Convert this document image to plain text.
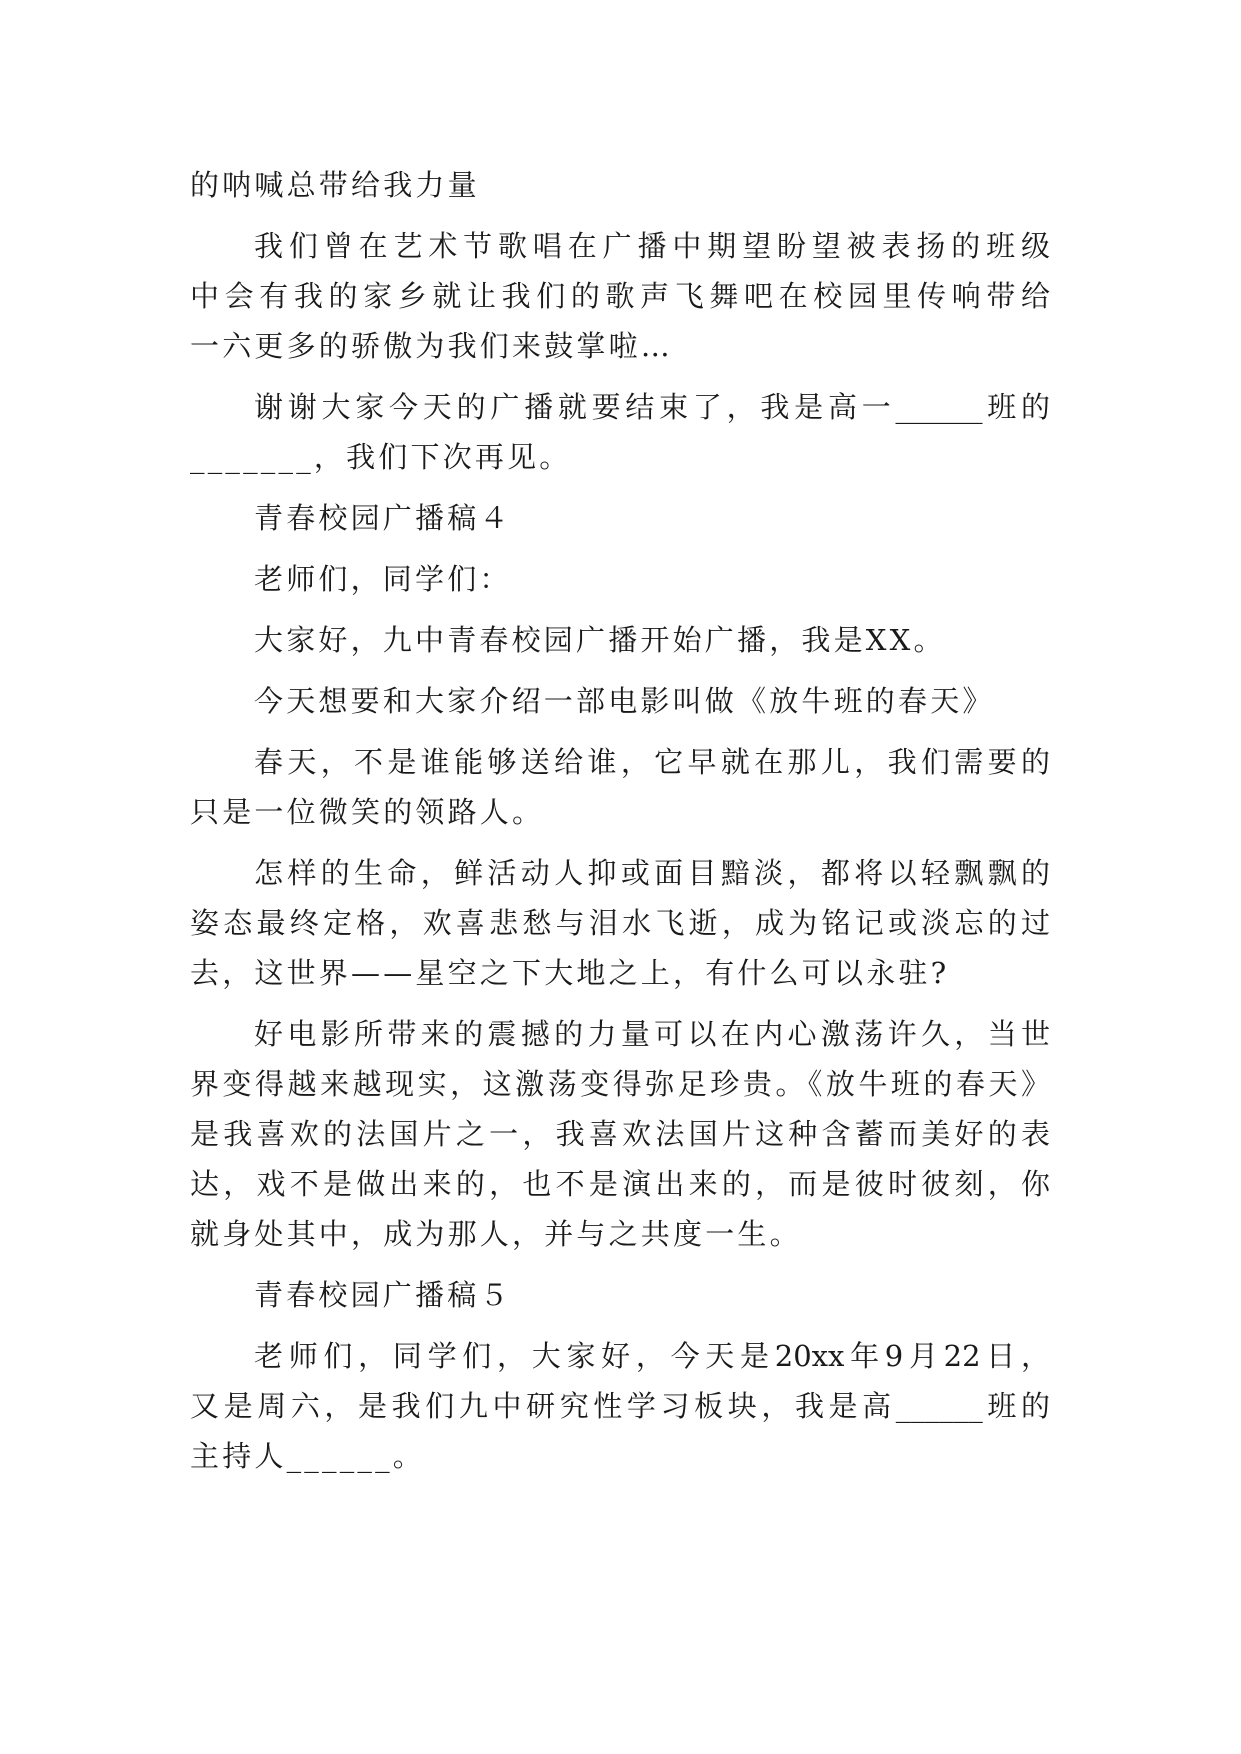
的呐喊总带给我力量
我们曾在艺术节歌唱在广播中期望盼望被表扬的班级
中会有我的家乡就让我们的歌声飞舞吧在校园里传响带给
一六更多的骄傲为我们来鼓掌啦…
谢谢大家今天的广播就要结束了，我是高一______班的
_______，我们下次再见。
青春校园广播稿４
老师们，同学们：
大家好，九中青春校园广播开始广播，我是XX。
今天想要和大家介绍一部电影叫做《放牛班的春天》
春天，不是谁能够送给谁，它早就在那儿，我们需要的
只是一位微笑的领路人。
怎样的生命，鲜活动人抑或面目黯淡，都将以轻飘飘的
姿态最终定格，欢喜悲愁与泪水飞逝，成为铭记或淡忘的过
去，这世界——星空之下大地之上，有什么可以永驻?
好电影所带来的震撼的力量可以在内心激荡许久，当世
界变得越来越现实，这激荡变得弥足珍贵。《放牛班的春天》
是我喜欢的法国片之一，我喜欢法国片这种含蓄而美好的表
达，戏不是做出来的，也不是演出来的，而是彼时彼刻，你
就身处其中，成为那人，并与之共度一生。
青春校园广播稿５
老师们，同学们，大家好，今天是20xx年9月22日，
又是周六，是我们九中研究性学习板块，我是高______班的
主持人______。
